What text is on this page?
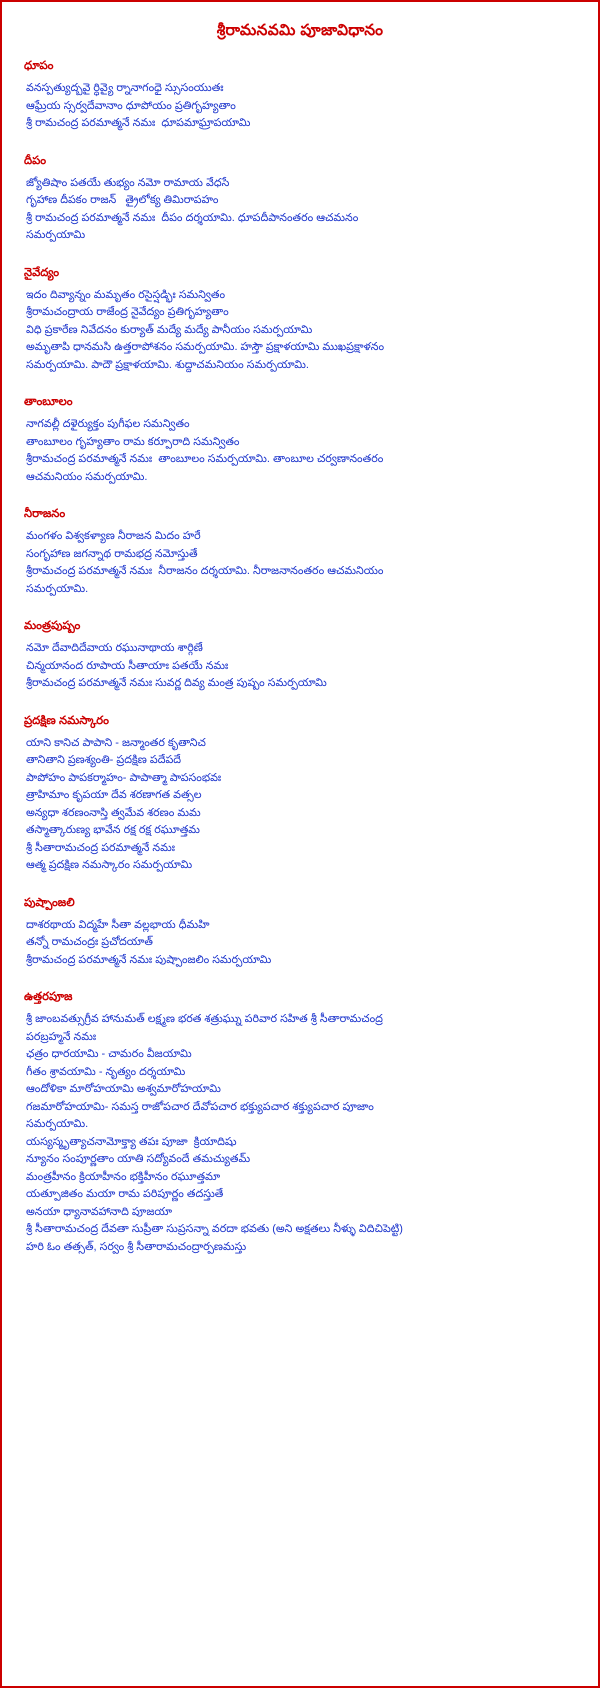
శ్రీరామనవమి పూజావిధానం
ధూపం
వనస్పత్యుద్బవై ర్ధివ్యై ర్నానాగంధై స్సుసంయుతః
ఆఘ్రేయ స్సర్వదేవానాం ధూపోయం ప్రతిగృహ్యతాం
శ్రీ రామచంద్ర పరమాత్మనే నమః  ధూపమాఘ్రాపయామి
దీపం
జ్యోతిషాం పతయే తుభ్యం నమో రామాయ వేధసే
గృహాణ దీపకం రాజన్   త్రైలోక్య తిమిరాపహం
శ్రీ రామచంద్ర పరమాత్మనే నమః  దీపం దర్శయామి. ధూపదీపానంతరం ఆచమనం
సమర్పయామి
నైవేద్యం
ఇదం దివ్యాన్నం మమృతం రసైస్షడ్భిః సమన్వితం
శ్రీరామచంద్రాయ రాజేంద్ర నైవేద్యం ప్రతిగృహ్యతాం
విధి ప్రకారేణ నివేదనం కుర్యాత్ మద్యే మద్యే పానీయం సమర్పయామి
అమృతాపి ధానమసి ఉత్తరాపోశనం సమర్పయామి. హస్తౌ ప్రక్షాళయామి ముఖప్రక్షాళనం
సమర్పయామి. పాదౌ ప్రక్షాళయామి. శుద్దాచమనియం సమర్పయామి.
తాంబూలం
నాగవల్లీ దళైర్యుక్తం పుగీఫల సమన్వితం
తాంబూలం గృహ్యతాం రామ కర్పూరాది సమన్వితం
శ్రీరామచంద్ర పరమాత్మనే నమః  తాంబూలం సమర్పయామి. తాంబూల చర్వణానంతరం
ఆచమనియం సమర్పయామి.
నీరాజనం
మంగళం విశ్వకళ్యాణ నీరాజన మిదం హరే
సంగృహాణ జగన్నాథ రామభద్ర నమోస్తుతే
శ్రీరామచంద్ర పరమాత్మనే నమః  నీరాజనం దర్శయామి. నీరాజనానంతరం ఆచమనియం
సమర్పయామి.
మంత్రపుష్పం
నమో దేవాదిదేవాయ రఘునాథాయ శార్గిణే
చిన్మయానంద రూపాయ సీతాయాః పతయే నమః
శ్రీరామచంద్ర పరమాత్మనే నమః సువర్ణ దివ్య మంత్ర పుష్పం సమర్పయామి
ప్రదక్షిణ నమస్కారం
యాని కానిచ పాపాని - జన్మాంతర కృతానిచ
తానితాని ప్రణశ్యంతి- ప్రదక్షిణ పదేపదే
పాపోహం పాపకర్మాహం- పాపాత్మా పాపసంభవః
త్రాహిమాం కృపయా దేవ శరణాగత వత్సల
అన్యధా శరణంనాస్తి త్వమేవ శరణం మమ
తస్మాత్కారుణ్య భావేన రక్ష రక్ష రఘూత్తమ
శ్రీ సీతారామచంద్ర పరమాత్మనే నమః
ఆత్మ ప్రదక్షిణ నమస్కారం సమర్పయామి
పుష్పాంజలి
దాశరథాయ విద్మహే సీతా వల్లభాయ ధీమహి
తన్నో రామచంద్రః ప్రచోదయాత్
శ్రీరామచంద్ర పరమాత్మనే నమః పుష్పాంజలిం సమర్పయామి
ఉత్తరపూజ
శ్రీ జాంబవత్సుగ్రీవ హానుమత్ లక్ష్మణ భరత శత్రుఘ్ను పరివార సహిత శ్రీ సీతారామచంద్ర
పరబ్రహ్మనే నమః
ఛత్రం ధారయామి - చామరం వీజయామి
గీతం శ్రావయామి - నృత్యం దర్శయామి
ఆందోళికా మారోహయామి అశ్వమారోహయామి
గజమారోహయామి- సమస్త రాజోపచార దేవోపచార భక్త్యుపచార శక్త్యుపచార పూజాం
సమర్పయామి.
యస్యస్మృత్యాచనామోక్త్యా తపః పూజా  క్రియాదిషు
న్యూనం సంపూర్ణతాం యాతి సద్యోవందే తమచ్యుతమ్
మంత్రహీనం క్రియాహీనం భక్తిహీనం రఘూత్తమా
యత్పూజితం మయా రామ పరిపూర్ణం తదస్తుతే
అనయా ధ్యానావహానాది పూజయా
శ్రీ సీతారామచంద్ర దేవతా సుప్రీతా సుప్రసన్నా వరదా భవతు (అని అక్షతలు నీళ్ళు విదిచిపెట్టి)
హరి ఓం తత్సత్, సర్వం శ్రీ సీతారామచంద్రార్పణమస్తు
